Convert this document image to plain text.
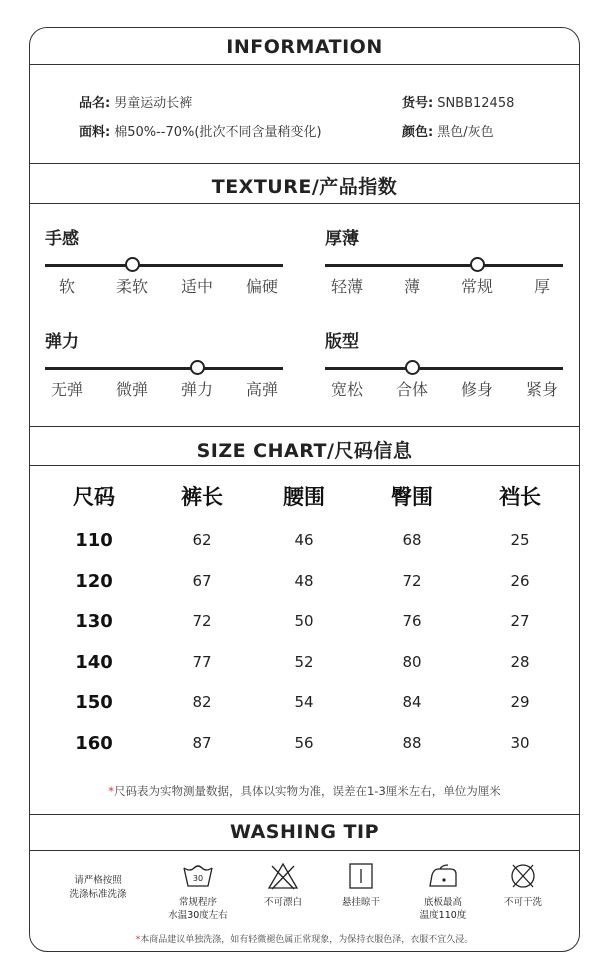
INFORMATION
品名: 男童运动长裤	货号: SNBB12458
面料: 棉50%--70%(批次不同含量稍变化)	颜色: 黑色/灰色
TEXTURE/产品指数
手感
软	柔软	适中	偏硬
厚薄
轻薄	薄	常规	厚
弹力
无弹	微弹	弹力	高弹
版型
宽松	合体	修身	紧身
SIZE CHART/尺码信息
尺码	裤长	腰围	臀围	裆长
110	62	46	68	25
120	67	48	72	26
130	72	50	76	27
140	77	52	80	28
150	82	54	84	29
160	87	56	88	30
*尺码表为实物测量数据，具体以实物为准，误差在1-3厘米左右，单位为厘米
WASHING TIP
请严格按照
洗涤标准洗涤
30
常规程序
水温30度左右
不可漂白	悬挂晾干	底板最高
温度110度
不可干洗
*本商品建议单独洗涤，如有轻微褪色属正常现象，为保持衣服色泽，衣服不宜久浸。
